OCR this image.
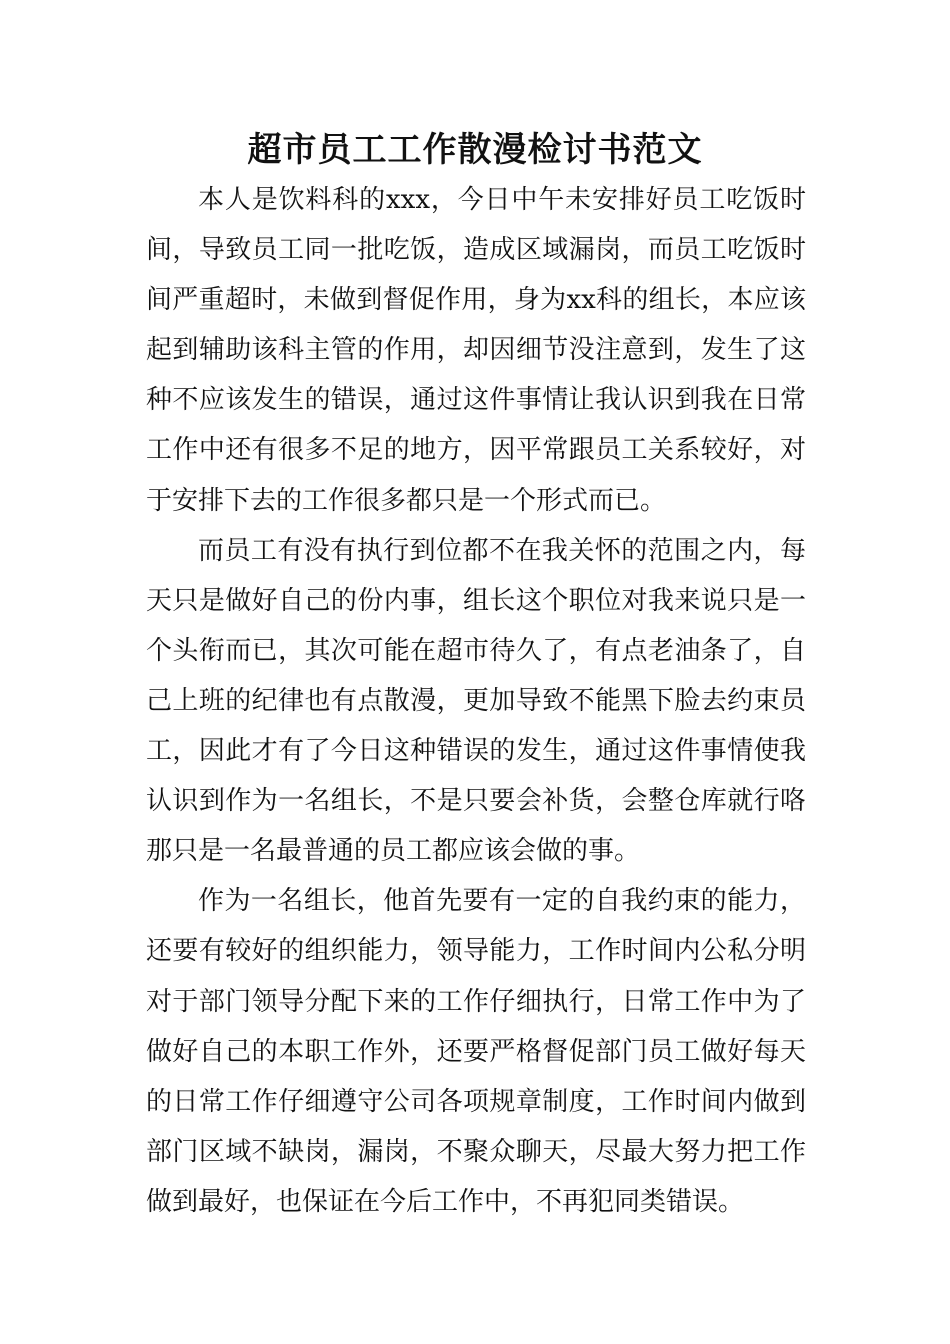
超市员工工作散漫检讨书范文

本人是饮料科的xxx，今日中午未安排好员工吃饭时间，导致员工同一批吃饭，造成区域漏岗，而员工吃饭时间严重超时，未做到督促作用，身为xx科的组长，本应该起到辅助该科主管的作用，却因细节没注意到，发生了这种不应该发生的错误，通过这件事情让我认识到我在日常工作中还有很多不足的地方，因平常跟员工关系较好，对于安排下去的工作很多都只是一个形式而已。

而员工有没有执行到位都不在我关怀的范围之内，每天只是做好自己的份内事，组长这个职位对我来说只是一个头衔而已，其次可能在超市待久了，有点老油条了，自己上班的纪律也有点散漫，更加导致不能黑下脸去约束员工，因此才有了今日这种错误的发生，通过这件事情使我认识到作为一名组长，不是只要会补货，会整仓库就行咯那只是一名最普通的员工都应该会做的事。

作为一名组长，他首先要有一定的自我约束的能力，还要有较好的组织能力，领导能力，工作时间内公私分明对于部门领导分配下来的工作仔细执行，日常工作中为了做好自己的本职工作外，还要严格督促部门员工做好每天的日常工作仔细遵守公司各项规章制度，工作时间内做到部门区域不缺岗，漏岗，不聚众聊天，尽最大努力把工作做到最好，也保证在今后工作中，不再犯同类错误。
